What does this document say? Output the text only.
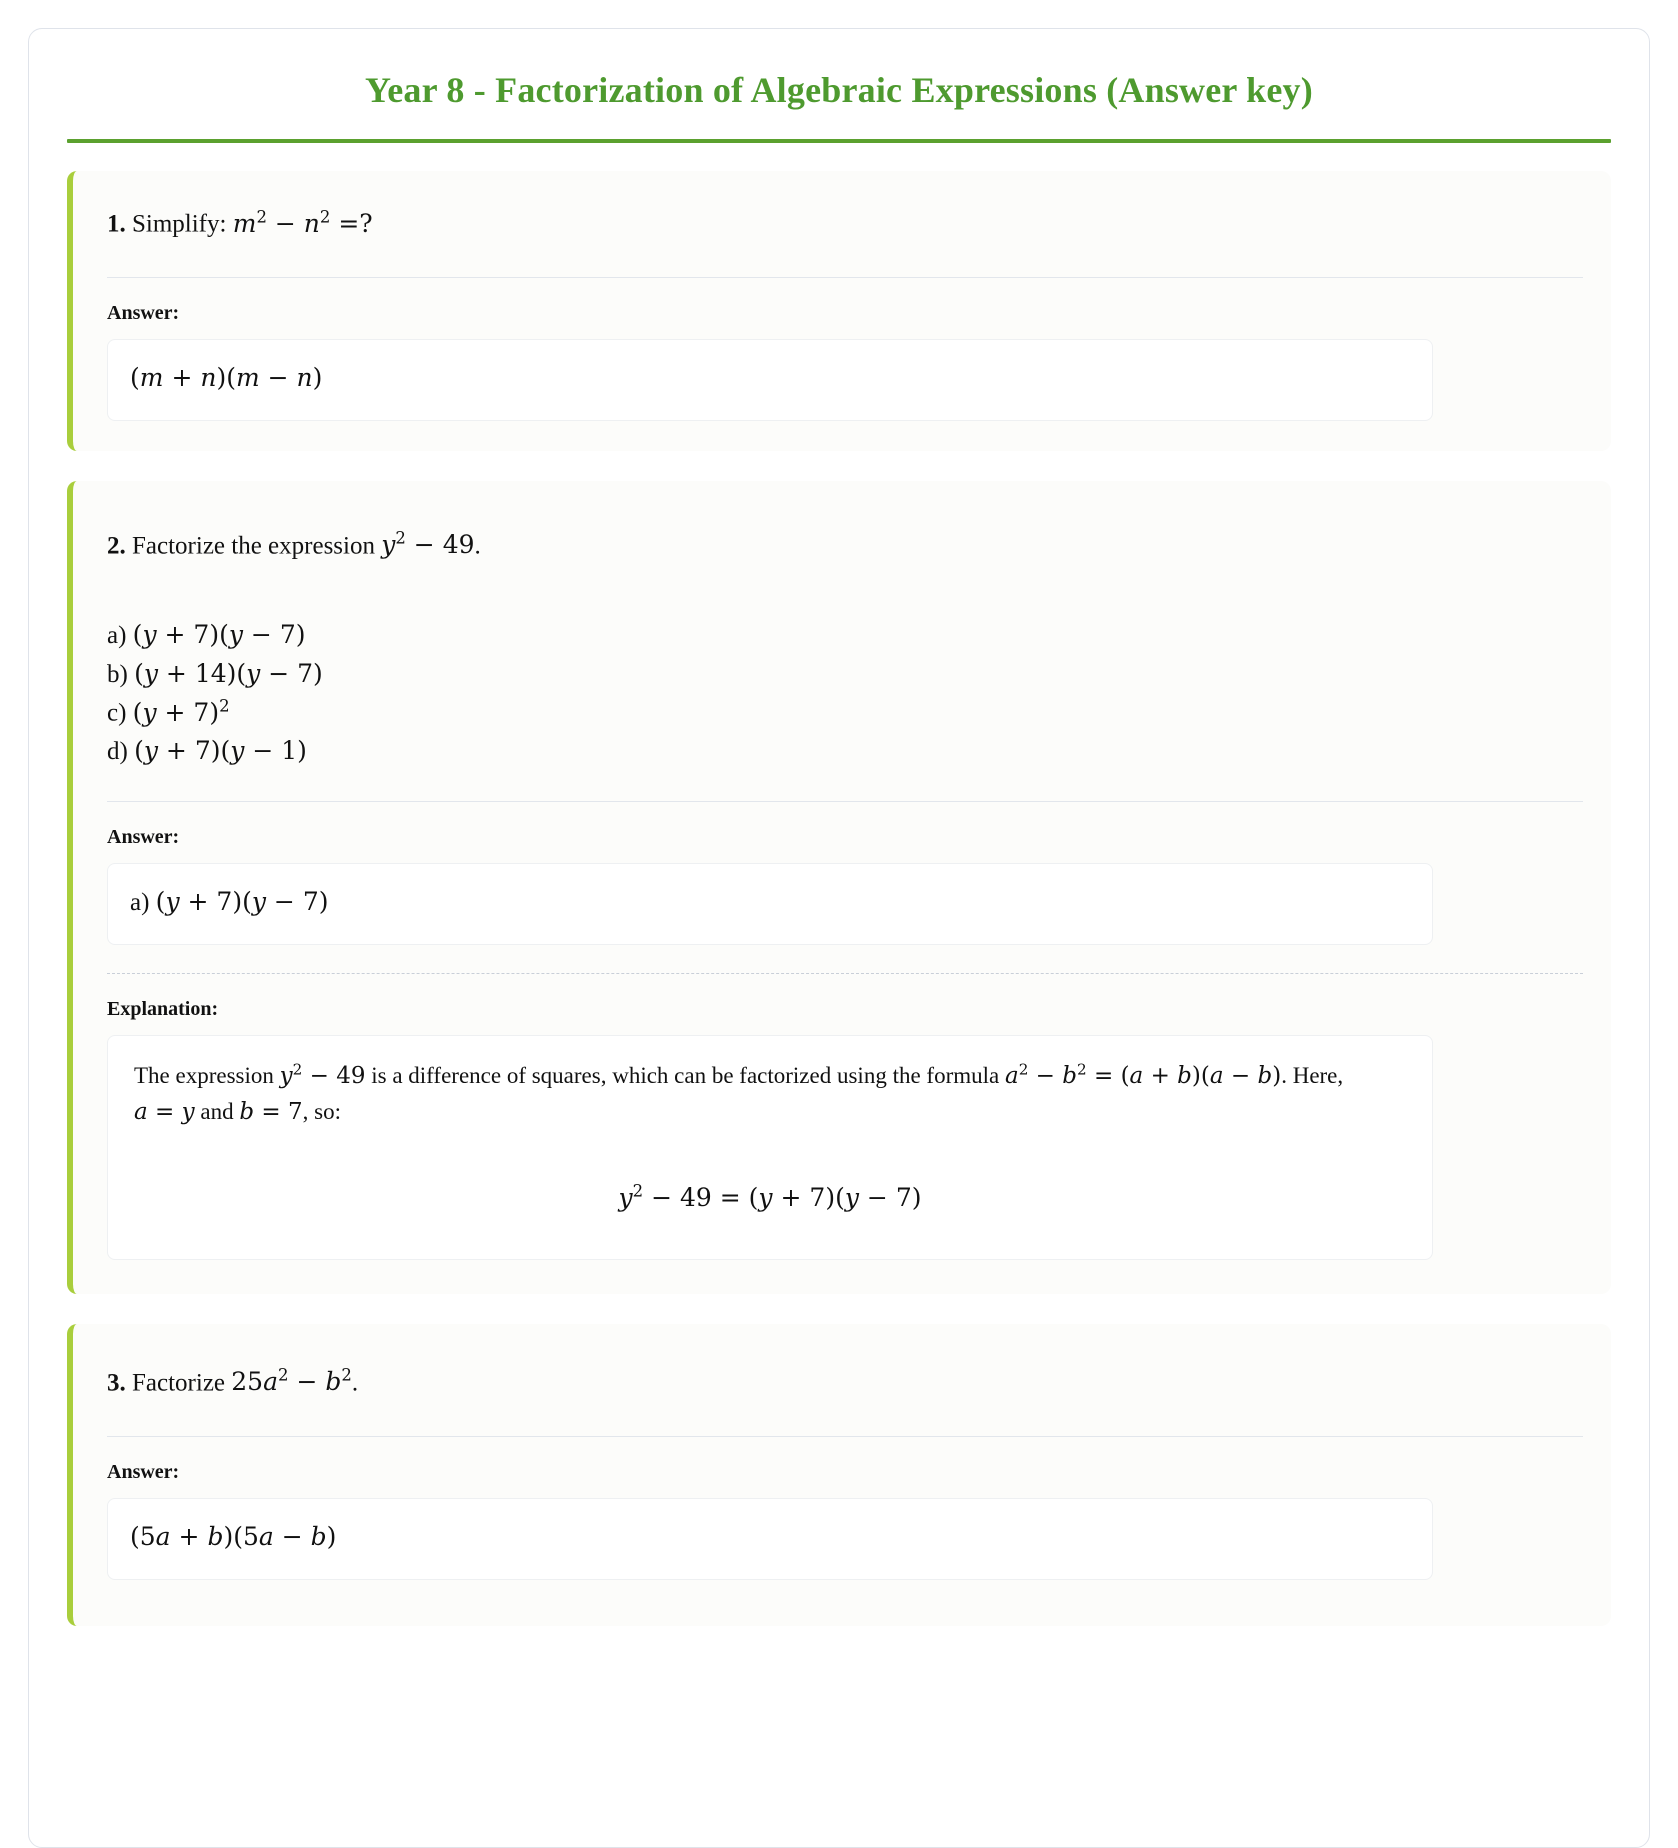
Year 8 - Factorization of Algebraic Expressions (Answer key)

1. Simplify: $m^2 - n^2$ =?

Answer:
(m + n)(m − n)

2. Factorize the expression $y^2 - 49$.

a) (y + 7)(y − 7)
b) (y + 14)(y − 7)
c) $(y + 7)^2$
d) (y + 7)(y − 1)
Answer:
a) (y + 7)(y − 7)
Explanation:

The expression $y^2 - 49$ is a difference of squares, which can be factorized using the formula $a^2 - b^2 = (a + b)(a - b)$. Here, a = y and b = 7, so:

$y^2 - 49 = (y + 7)(y - 7)$

3. Factorize $25a^2 - b^2$.

Answer:
(5a + b)(5a − b)
